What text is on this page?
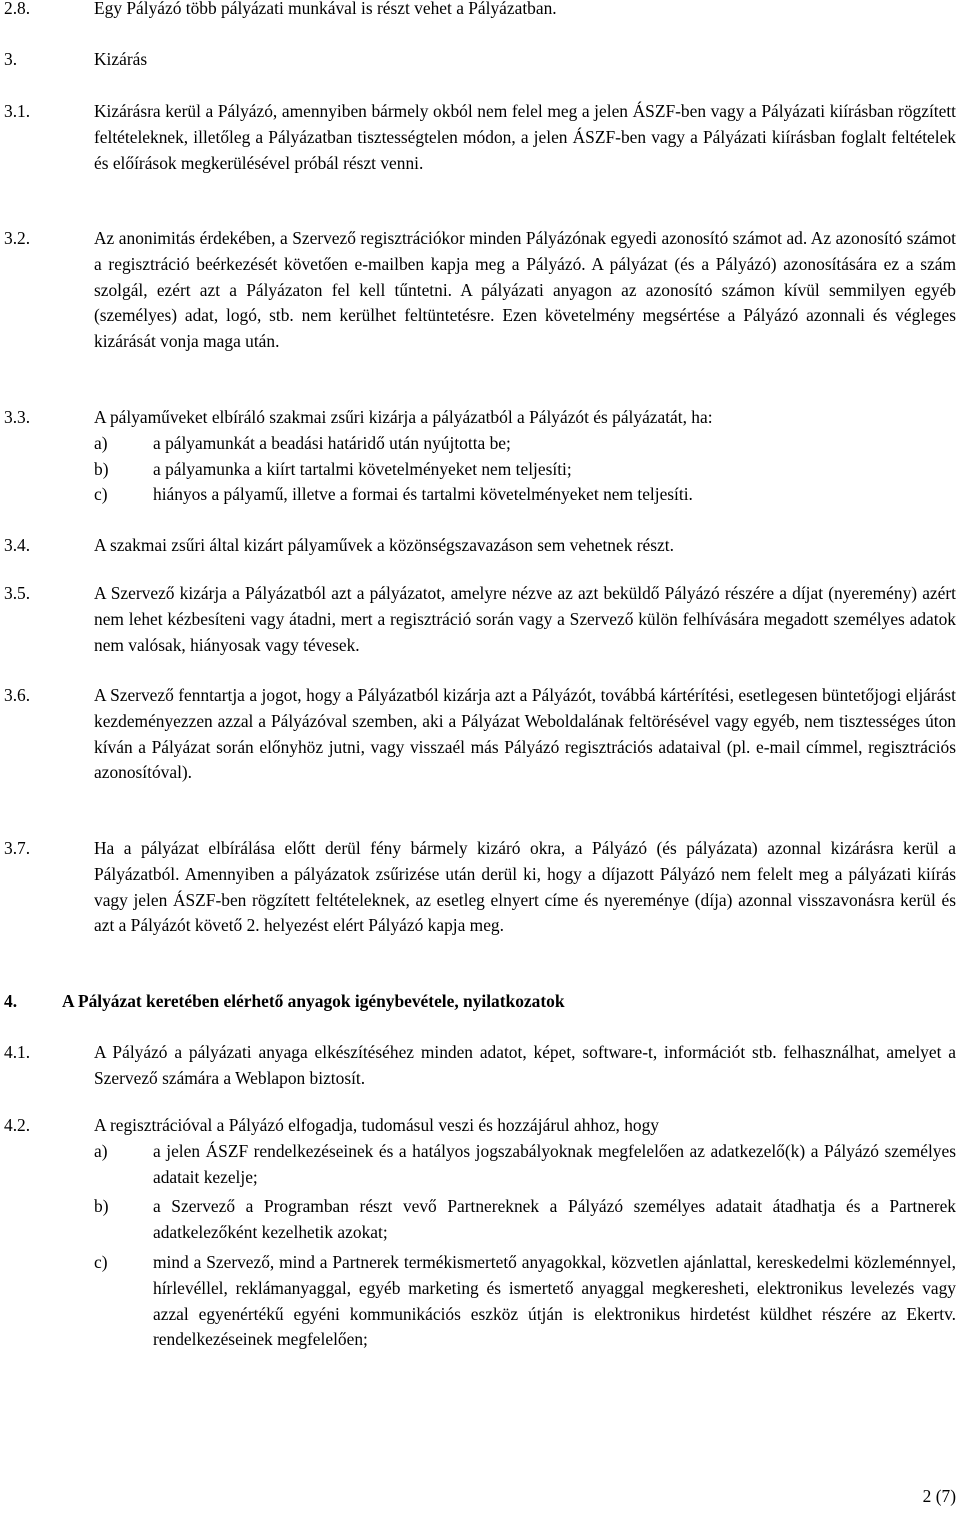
2.8.	Egy Pályázó több pályázati munkával is részt vehet a Pályázatban.
3.	Kizárás
3.1.	Kizárásra kerül a Pályázó, amennyiben bármely okból nem felel meg a jelen ÁSZF-ben vagy a Pályázati kiírásban rögzített feltételeknek, illetőleg a Pályázatban tisztességtelen módon, a jelen ÁSZF-ben vagy a Pályázati kiírásban foglalt feltételek és előírások megkerülésével próbál részt venni.
3.2.	Az anonimitás érdekében, a Szervező regisztrációkor minden Pályázónak egyedi azonosító számot ad. Az azonosító számot a regisztráció beérkezését követően e-mailben kapja meg a Pályázó. A pályázat (és a Pályázó) azonosítására ez a szám szolgál, ezért azt a Pályázaton fel kell tűntetni. A pályázati anyagon az azonosító számon kívül semmilyen egyéb (személyes) adat, logó, stb. nem kerülhet feltüntetésre. Ezen követelmény megsértése a Pályázó azonnali és végleges kizárását vonja maga után.
3.3.	A pályaműveket elbíráló szakmai zsűri kizárja a pályázatból a Pályázót és pályázatát, ha:
a)	a pályamunkát a beadási határidő után nyújtotta be;
b)	a pályamunka a kiírt tartalmi követelményeket nem teljesíti;
c)	hiányos a pályamű, illetve a formai és tartalmi követelményeket nem teljesíti.
3.4.	A szakmai zsűri által kizárt pályaművek a közönségszavazáson sem vehetnek részt.
3.5.	A Szervező kizárja a Pályázatból azt a pályázatot, amelyre nézve az azt beküldő Pályázó részére a díjat (nyeremény) azért nem lehet kézbesíteni vagy átadni, mert a regisztráció során vagy a Szervező külön felhívására megadott személyes adatok nem valósak, hiányosak vagy tévesek.
3.6.	A Szervező fenntartja a jogot, hogy a Pályázatból kizárja azt a Pályázót, továbbá kártérítési, esetlegesen büntetőjogi eljárást kezdeményezzen azzal a Pályázóval szemben, aki a Pályázat Weboldalának feltörésével vagy egyéb, nem tisztességes úton kíván a Pályázat során előnyhöz jutni, vagy visszaél más Pályázó regisztrációs adataival (pl. e-mail címmel, regisztrációs azonosítóval).
3.7.	Ha a pályázat elbírálása előtt derül fény bármely kizáró okra, a Pályázó (és pályázata) azonnal kizárásra kerül a Pályázatból. Amennyiben a pályázatok zsűrizése után derül ki, hogy a díjazott Pályázó nem felelt meg a pályázati kiírás vagy jelen ÁSZF-ben rögzített feltételeknek, az esetleg elnyert címe és nyereménye (díja) azonnal visszavonásra kerül és azt a Pályázót követő 2. helyezést elért Pályázó kapja meg.
4.	A Pályázat keretében elérhető anyagok igénybevétele, nyilatkozatok
4.1.	A Pályázó a pályázati anyaga elkészítéséhez minden adatot, képet, software-t, információt stb. felhasználhat, amelyet a Szervező számára a Weblapon biztosít.
4.2.	A regisztrációval a Pályázó elfogadja, tudomásul veszi és hozzájárul ahhoz, hogy
a)	a jelen ÁSZF rendelkezéseinek és a hatályos jogszabályoknak megfelelően az adatkezelő(k) a Pályázó személyes adatait kezelje;
b)	a Szervező a Programban részt vevő Partnereknek a Pályázó személyes adatait átadhatja és a Partnerek adatkelezőként kezelhetik azokat;
c)	mind a Szervező, mind a Partnerek termékismertető anyagokkal, közvetlen ajánlattal, kereskedelmi közleménnyel, hírlevéllel, reklámanyaggal, egyéb marketing és ismertető anyaggal megkeresheti, elektronikus levelezés vagy azzal egyenértékű egyéni kommunikációs eszköz útján is elektronikus hirdetést küldhet részére az Ekertv. rendelkezéseinek megfelelően;
2 (7)
